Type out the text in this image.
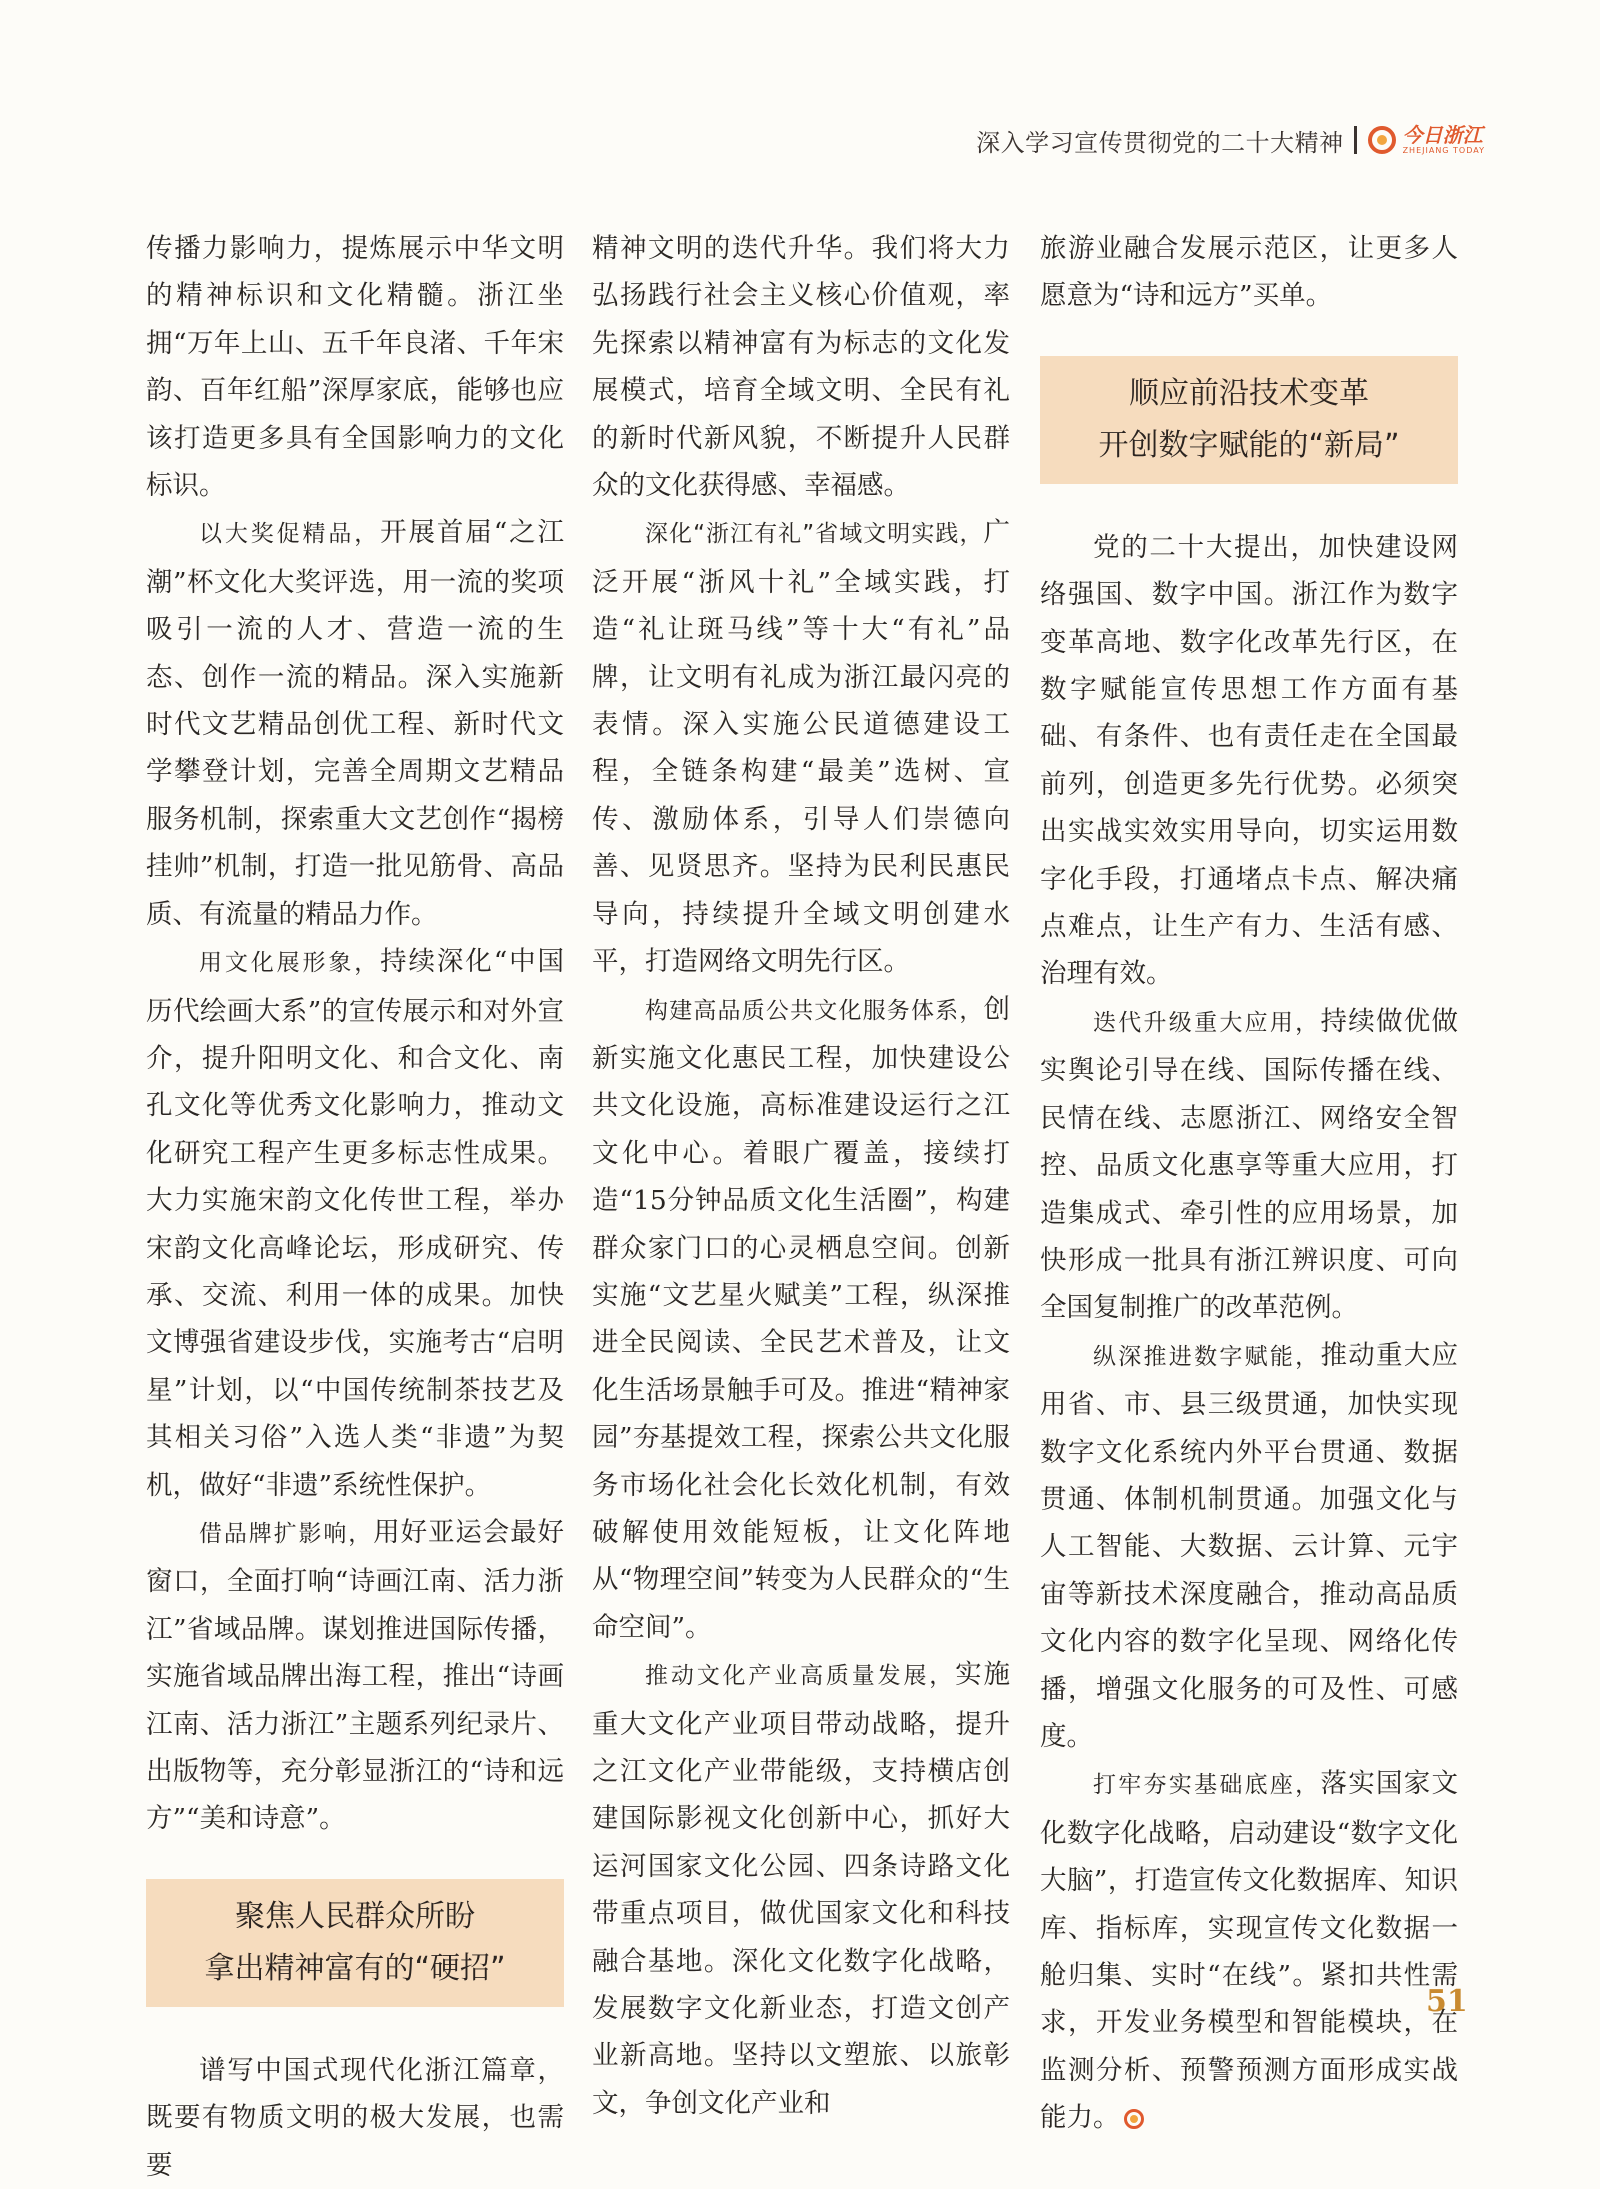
深入学习宣传贯彻党的二十大精神	今日浙江
ZHEJIANG TODAY

传播力影响力，提炼展示中华文明的精神标识和文化精髓。浙江坐拥“万年上山、五千年良渚、千年宋韵、百年红船”深厚家底，能够也应该打造更多具有全国影响力的文化标识。

以大奖促精品，开展首届“之江潮”杯文化大奖评选，用一流的奖项吸引一流的人才、营造一流的生态、创作一流的精品。深入实施新时代文艺精品创优工程、新时代文学攀登计划，完善全周期文艺精品服务机制，探索重大文艺创作“揭榜挂帅”机制，打造一批见筋骨、高品质、有流量的精品力作。

用文化展形象，持续深化“中国历代绘画大系”的宣传展示和对外宣介，提升阳明文化、和合文化、南孔文化等优秀文化影响力，推动文化研究工程产生更多标志性成果。大力实施宋韵文化传世工程，举办宋韵文化高峰论坛，形成研究、传承、交流、利用一体的成果。加快文博强省建设步伐，实施考古“启明星”计划，以“中国传统制茶技艺及其相关习俗”入选人类“非遗”为契机，做好“非遗”系统性保护。

借品牌扩影响，用好亚运会最好窗口，全面打响“诗画江南、活力浙江”省域品牌。谋划推进国际传播，实施省域品牌出海工程，推出“诗画江南、活力浙江”主题系列纪录片、出版物等，充分彰显浙江的“诗和远方”“美和诗意”。

聚焦人民群众所盼
拿出精神富有的“硬招”

谱写中国式现代化浙江篇章，既要有物质文明的极大发展，也需要

精神文明的迭代升华。我们将大力弘扬践行社会主义核心价值观，率先探索以精神富有为标志的文化发展模式，培育全域文明、全民有礼的新时代新风貌，不断提升人民群众的文化获得感、幸福感。

深化“浙江有礼”省域文明实践，广泛开展“浙风十礼”全域实践，打造“礼让斑马线”等十大“有礼”品牌，让文明有礼成为浙江最闪亮的表情。深入实施公民道德建设工程，全链条构建“最美”选树、宣传、激励体系，引导人们崇德向善、见贤思齐。坚持为民利民惠民导向，持续提升全域文明创建水平，打造网络文明先行区。

构建高品质公共文化服务体系，创新实施文化惠民工程，加快建设公共文化设施，高标准建设运行之江文化中心。着眼广覆盖，接续打造“15分钟品质文化生活圈”，构建群众家门口的心灵栖息空间。创新实施“文艺星火赋美”工程，纵深推进全民阅读、全民艺术普及，让文化生活场景触手可及。推进“精神家园”夯基提效工程，探索公共文化服务市场化社会化长效化机制，有效破解使用效能短板，让文化阵地从“物理空间”转变为人民群众的“生命空间”。

推动文化产业高质量发展，实施重大文化产业项目带动战略，提升之江文化产业带能级，支持横店创建国际影视文化创新中心，抓好大运河国家文化公园、四条诗路文化带重点项目，做优国家文化和科技融合基地。深化文化数字化战略，发展数字文化新业态，打造文创产业新高地。坚持以文塑旅、以旅彰文，争创文化产业和

旅游业融合发展示范区，让更多人愿意为“诗和远方”买单。

顺应前沿技术变革
开创数字赋能的“新局”

党的二十大提出，加快建设网络强国、数字中国。浙江作为数字变革高地、数字化改革先行区，在数字赋能宣传思想工作方面有基础、有条件、也有责任走在全国最前列，创造更多先行优势。必须突出实战实效实用导向，切实运用数字化手段，打通堵点卡点、解决痛点难点，让生产有力、生活有感、治理有效。

迭代升级重大应用，持续做优做实舆论引导在线、国际传播在线、民情在线、志愿浙江、网络安全智控、品质文化惠享等重大应用，打造集成式、牵引性的应用场景，加快形成一批具有浙江辨识度、可向全国复制推广的改革范例。

纵深推进数字赋能，推动重大应用省、市、县三级贯通，加快实现数字文化系统内外平台贯通、数据贯通、体制机制贯通。加强文化与人工智能、大数据、云计算、元宇宙等新技术深度融合，推动高品质文化内容的数字化呈现、网络化传播，增强文化服务的可及性、可感度。

打牢夯实基础底座，落实国家文化数字化战略，启动建设“数字文化大脑”，打造宣传文化数据库、知识库、指标库，实现宣传文化数据一舱归集、实时“在线”。紧扣共性需求，开发业务模型和智能模块，在监测分析、预警预测方面形成实战能力。

51
